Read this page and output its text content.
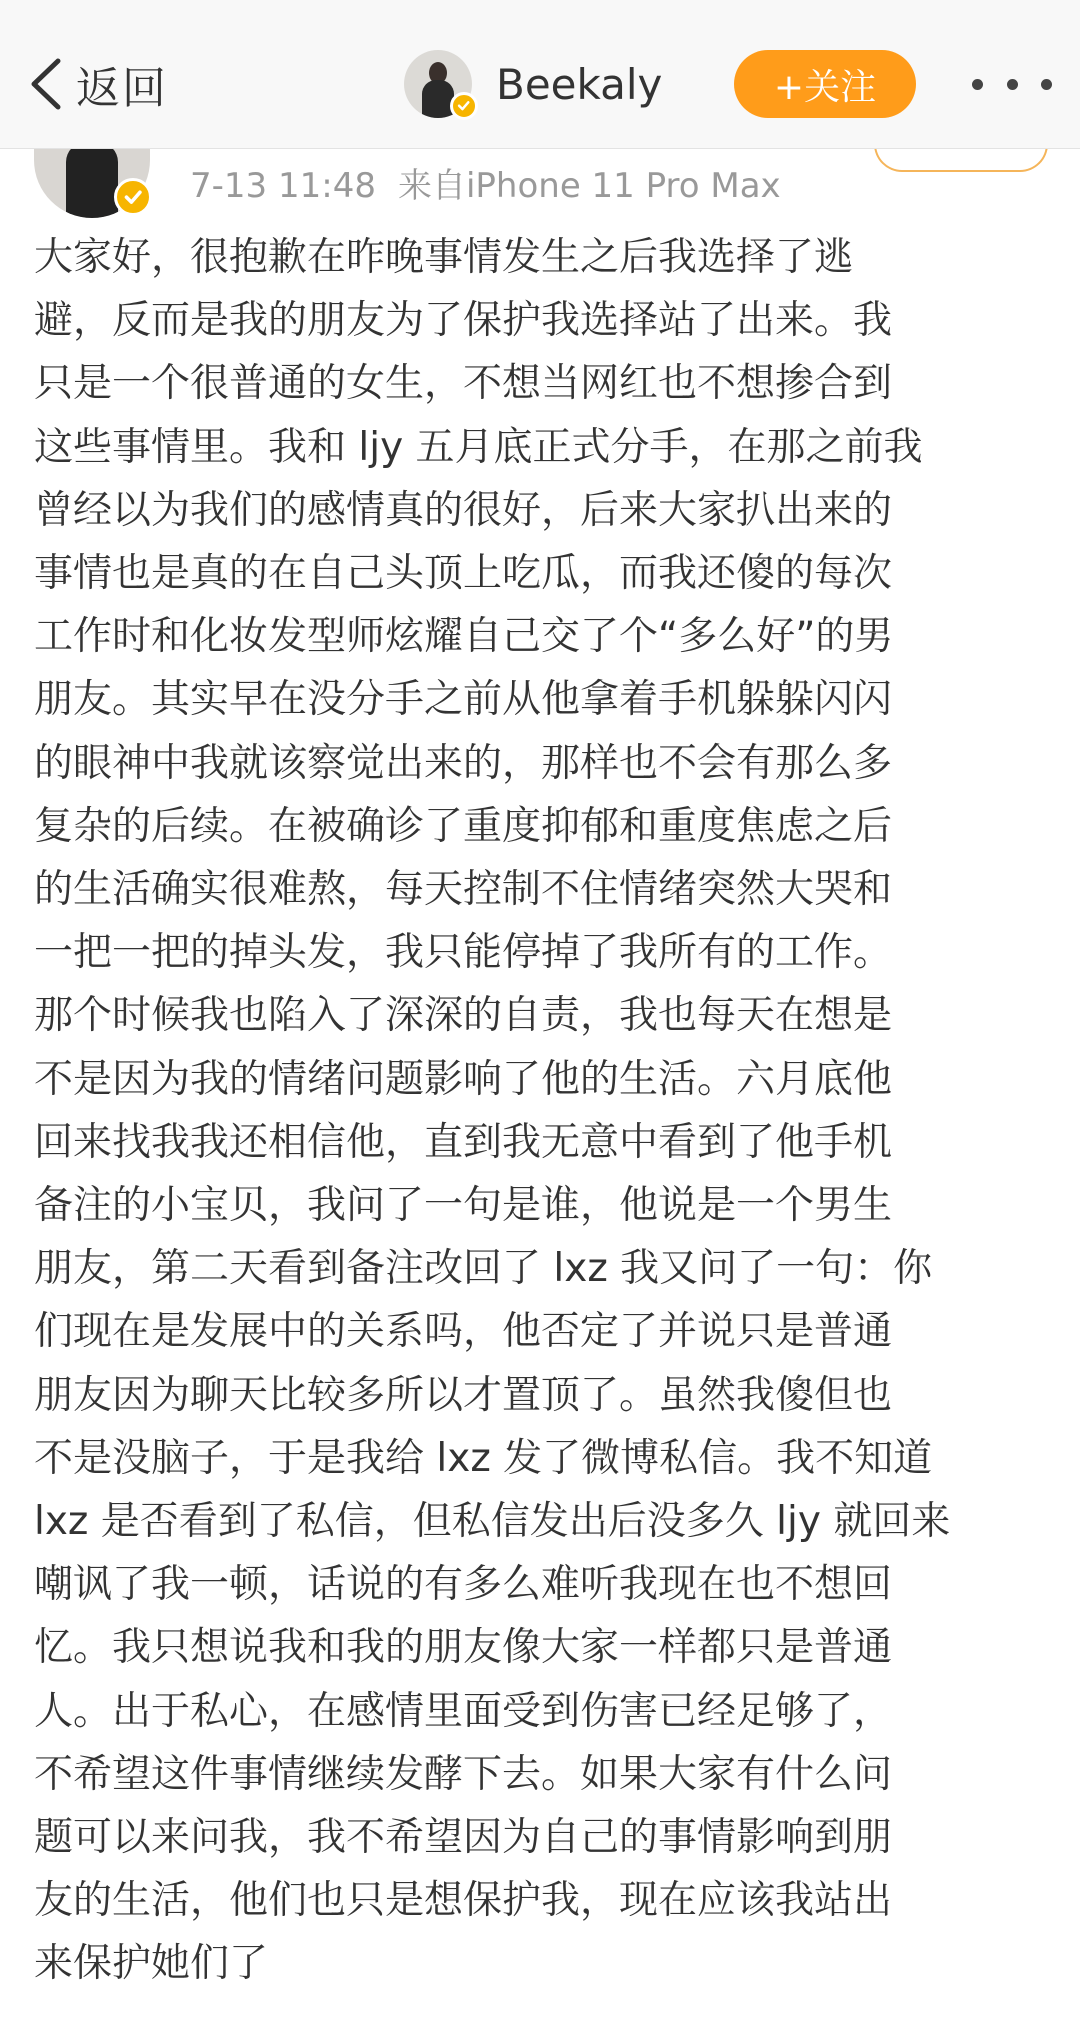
返回	Beekaly	+关注
7-13 11:48 来自iPhone 11 Pro Max
大家好，很抱歉在昨晚事情发生之后我选择了逃
避，反而是我的朋友为了保护我选择站了出来。我
只是一个很普通的女生，不想当网红也不想掺合到
这些事情里。我和 ljy 五月底正式分手，在那之前我
曾经以为我们的感情真的很好，后来大家扒出来的
事情也是真的在自己头顶上吃瓜，而我还傻的每次
工作时和化妆发型师炫耀自己交了个“多么好”的男
朋友。其实早在没分手之前从他拿着手机躲躲闪闪
的眼神中我就该察觉出来的，那样也不会有那么多
复杂的后续。在被确诊了重度抑郁和重度焦虑之后
的生活确实很难熬，每天控制不住情绪突然大哭和
一把一把的掉头发，我只能停掉了我所有的工作。
那个时候我也陷入了深深的自责，我也每天在想是
不是因为我的情绪问题影响了他的生活。六月底他
回来找我我还相信他，直到我无意中看到了他手机
备注的小宝贝，我问了一句是谁，他说是一个男生
朋友，第二天看到备注改回了 lxz 我又问了一句：你
们现在是发展中的关系吗，他否定了并说只是普通
朋友因为聊天比较多所以才置顶了。虽然我傻但也
不是没脑子，于是我给 lxz 发了微博私信。我不知道
lxz 是否看到了私信，但私信发出后没多久 ljy 就回来
嘲讽了我一顿，话说的有多么难听我现在也不想回
忆。我只想说我和我的朋友像大家一样都只是普通
人。出于私心，在感情里面受到伤害已经足够了，
不希望这件事情继续发酵下去。如果大家有什么问
题可以来问我，我不希望因为自己的事情影响到朋
友的生活，他们也只是想保护我，现在应该我站出
来保护她们了
